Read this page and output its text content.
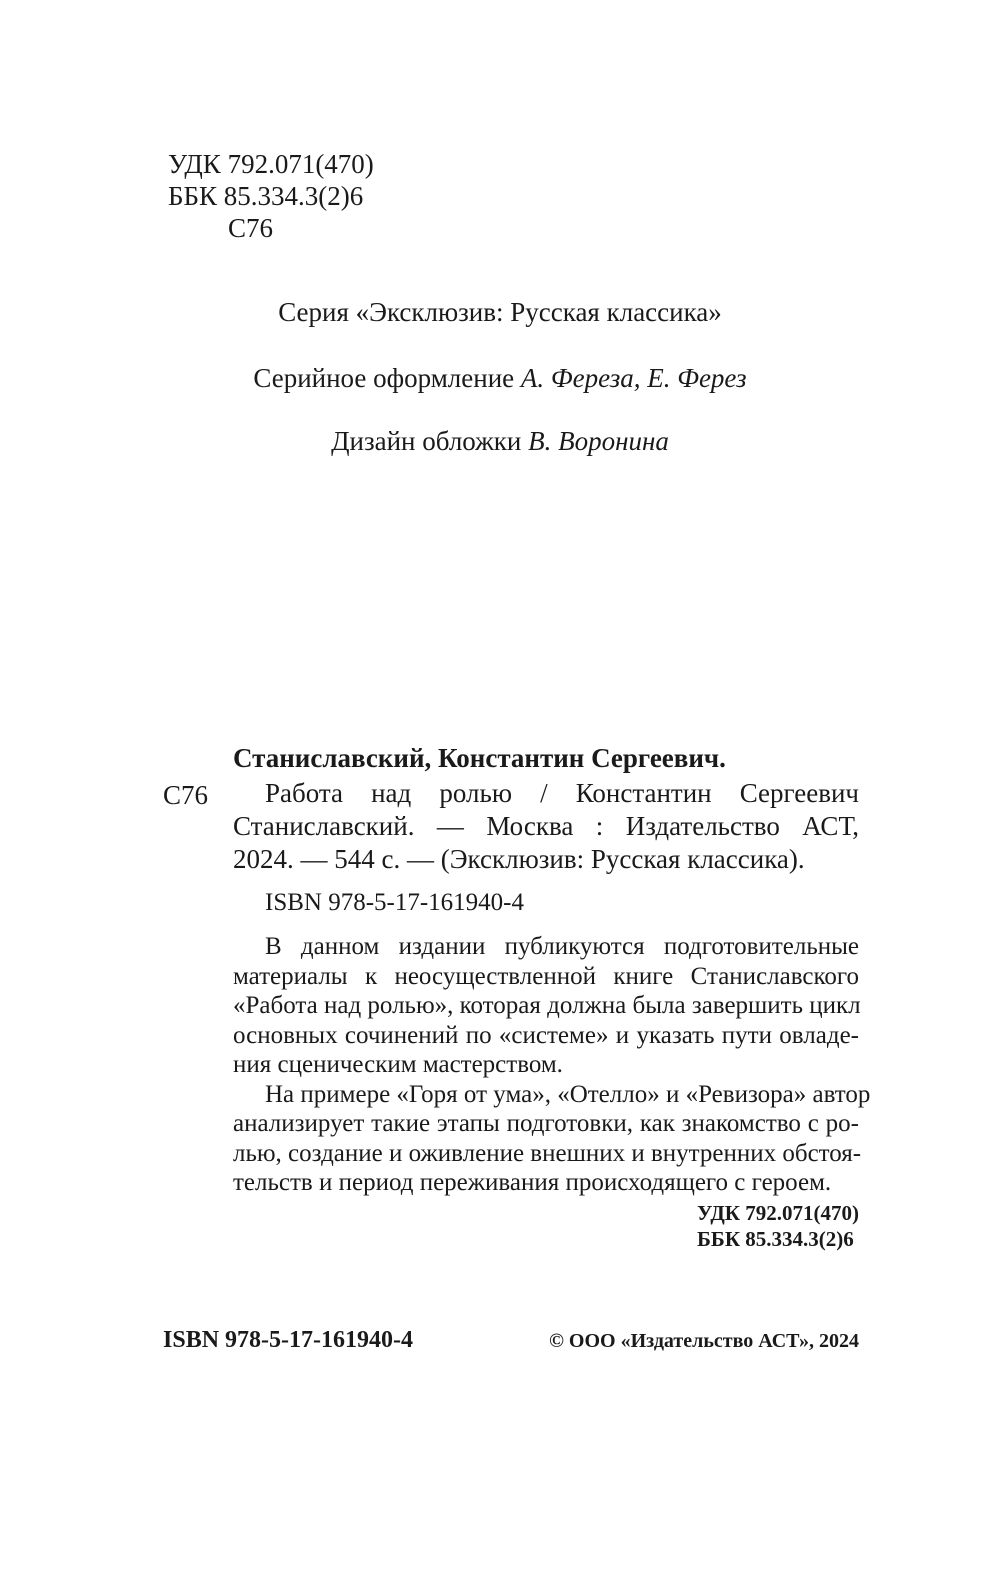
УДК 792.071(470)
ББК 85.334.3(2)6
С76
Серия «Эксклюзив: Русская классика»
Серийное оформление А. Фереза, Е. Ферез
Дизайн обложки В. Воронина
Станиславский, Константин Сергеевич.
С76	Работа над ролью / Константин Сергеевич
Станиславский. — Москва : Издательство АСТ,
2024. — 544 с. — (Эксклюзив: Русская классика).
ISBN 978-5-17-161940-4
В данном издании публикуются подготовительные
материалы к неосуществленной книге Станиславского
«Работа над ролью», которая должна была завершить цикл
основных сочинений по «системе» и указать пути овладе-
ния сценическим мастерством.
На примере «Горя от ума», «Отелло» и «Ревизора» автор
анализирует такие этапы подготовки, как знакомство с ро-
лью, создание и оживление внешних и внутренних обстоя-
тельств и период переживания происходящего с героем.
УДК 792.071(470)
ББК 85.334.3(2)6
ISBN 978-5-17-161940-4	© ООО «Издательство АСТ», 2024
